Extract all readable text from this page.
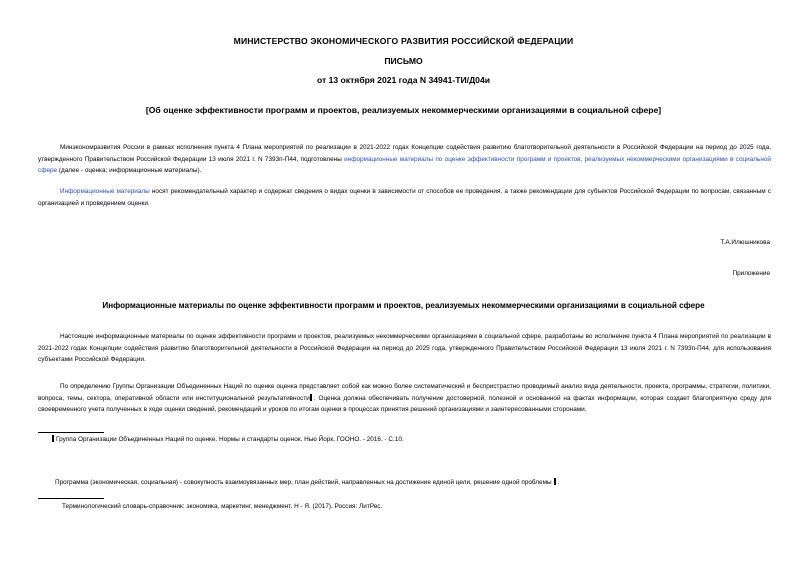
МИНИСТЕРСТВО ЭКОНОМИЧЕСКОГО РАЗВИТИЯ РОССИЙСКОЙ ФЕДЕРАЦИИ
ПИСЬМО
от 13 октября 2021 года N 34941-ТИ/Д04и
[Об оценке эффективности программ и проектов, реализуемых некоммерческими организациями в социальной сфере]
Минэкономразвития России в рамках исполнения пункта 4 Плана мероприятий по реализации в 2021-2022 годах Концепции содействия развитию благотворительной деятельности в Российской Федерации на период до 2025 года, утвержденного Правительством Российской Федерации 13 июля 2021 г. N 7393п-П44, подготовлены информационные материалы по оценке эффективности программ и проектов, реализуемых некоммерческими организациями в социальной сфере (далее - оценка; информационные материалы).
Информационные материалы носят рекомендательный характер и содержат сведения о видах оценки в зависимости от способов ее проведения, а также рекомендации для субъектов Российской Федерации по вопросам, связанным с организацией и проведением оценки.
Т.А.Илюшникова
Приложение
Информационные материалы по оценке эффективности программ и проектов, реализуемых некоммерческими организациями в социальной сфере
Настоящие информационные материалы по оценке эффективности программ и проектов, реализуемых некоммерческими организациями в социальной сфере, разработаны во исполнение пункта 4 Плана мероприятий по реализации в 2021-2022 годах Концепции содействия развитию благотворительной деятельности в Российской Федерации на период до 2025 года, утвержденного Правительством Российской Федерации 13 июля 2021 г. N 7393п-П44, для использования субъектами Российской Федерации.
По определению Группы Организации Объединенных Наций по оценке оценка представляет собой как можно более систематический и беспристрастно проводимый анализ вида деятельности, проекта, программы, стратегии, политики, вопроса, темы, сектора, оперативной области или институциональной результативности . Оценка должна обеспечивать получение достоверной, полезной и основанной на фактах информации, которая создает благоприятную среду для своевременного учета полученных в ходе оценки сведений, рекомендаций и уроков по итогам оценки в процессах принятия решений организациями и заинтересованными сторонами.
Группа Организации Объединенных Наций по оценке. Нормы и стандарты оценок. Нью Йорк, ГООНО. - 2016. - С.10.
Программа (экономическая, социальная) - совокупность взаимоувязанных мер, план действий, направленных на достижение единой цели, решение одной проблемы .
Терминологический словарь-справочник: экономика, маркетинг, менеджмент. Н - Я. (2017). Россия: ЛитРес.
